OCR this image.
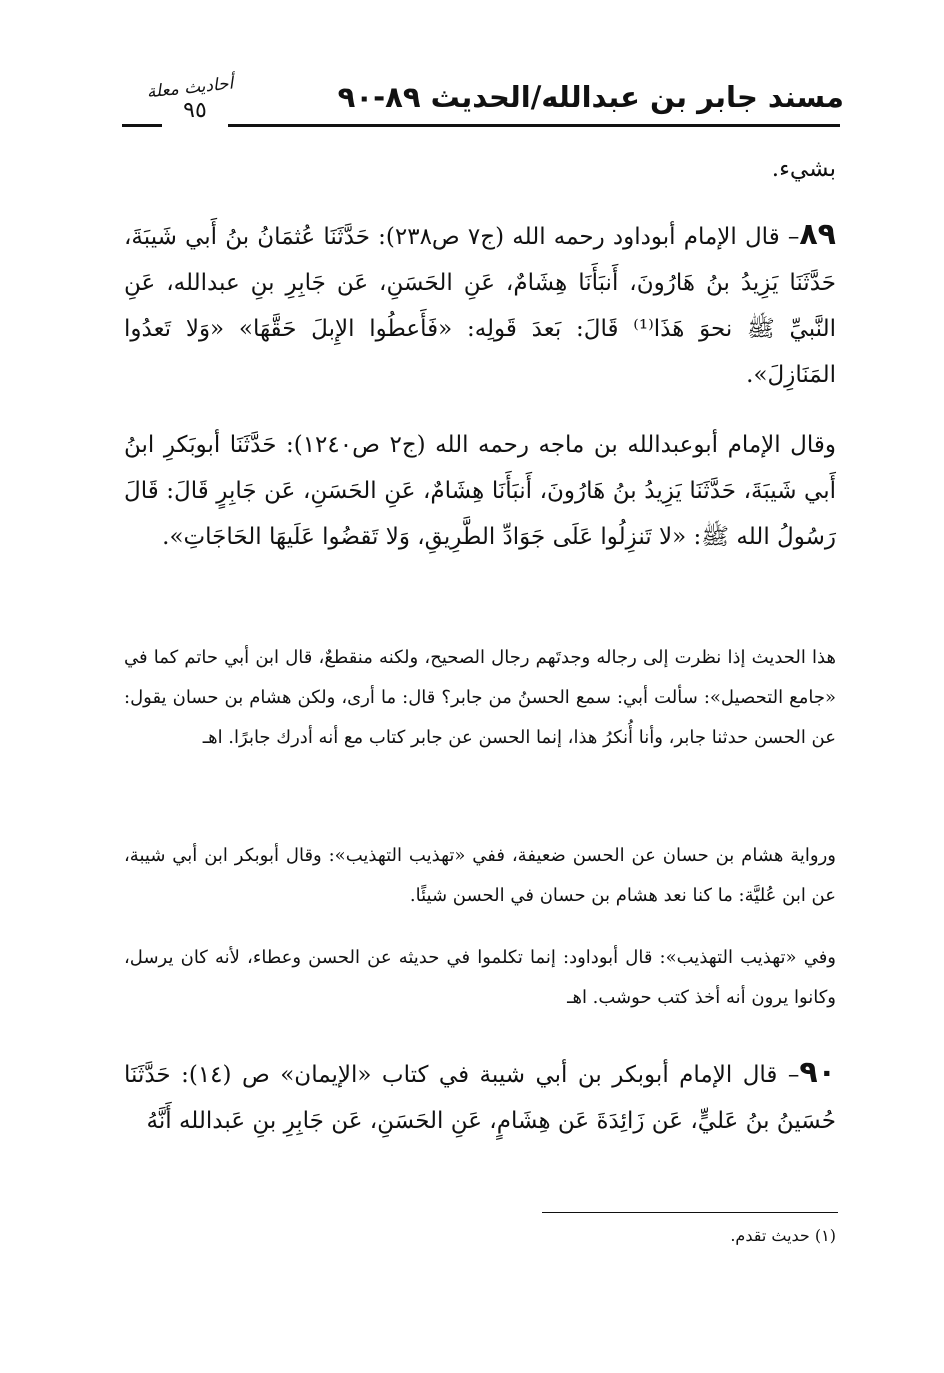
مسند جابر بن عبدالله/الحديث ٨٩-٩٠
أحاديث معلة
٩٥

بشيء.

٨٩– قال الإمام أبوداود رحمه الله (ج٧ ص٢٣٨): حَدَّثَنَا عُثمَانُ بنُ أَبي شَيبَةَ، حَدَّثَنَا يَزِيدُ بنُ هَارُونَ، أَنبَأَنَا هِشَامٌ، عَنِ الحَسَنِ، عَن جَابِرِ بنِ عبدالله، عَنِ النَّبيِّ ﷺ نحوَ هَذَا⁽¹⁾ قَالَ: بَعدَ قَولِه: «فَأَعطُوا الإِبلَ حَقَّهَا» «وَلا تَعدُوا المَنَازِلَ».

وقال الإمام أبوعبدالله بن ماجه رحمه الله (ج٢ ص١٢٤٠): حَدَّثَنَا أبوبَكرِ ابنُ أَبي شَيبَةَ، حَدَّثَنَا يَزِيدُ بنُ هَارُونَ، أَنبَأَنَا هِشَامٌ، عَنِ الحَسَنِ، عَن جَابِرٍ قَالَ: قَالَ رَسُولُ الله ﷺ: «لا تَنزِلُوا عَلَى جَوَادِّ الطَّرِيقِ، وَلا تَقضُوا عَلَيهَا الحَاجَاتِ».

هذا الحديث إذا نظرت إلى رجاله وجدتَهم رجال الصحيح، ولكنه منقطعٌ، قال ابن أبي حاتم كما في «جامع التحصيل»: سألت أبي: سمع الحسنُ من جابر؟ قال: ما أرى، ولكن هشام بن حسان يقول: عن الحسن حدثنا جابر، وأنا أُنكرُ هذا، إنما الحسن عن جابر كتاب مع أنه أدرك جابرًا. اهـ

ورواية هشام بن حسان عن الحسن ضعيفة، ففي «تهذيب التهذيب»: وقال أبوبكر ابن أبي شيبة، عن ابن عُليَّة: ما كنا نعد هشام بن حسان في الحسن شيئًا.

وفي «تهذيب التهذيب»: قال أبوداود: إنما تكلموا في حديثه عن الحسن وعطاء، لأنه كان يرسل، وكانوا يرون أنه أخذ كتب حوشب. اهـ

٩٠– قال الإمام أبوبكر بن أبي شيبة في كتاب «الإيمان» ص (١٤): حَدَّثَنَا حُسَينُ بنُ عَليٍّ، عَن زَائِدَةَ عَن هِشَامٍ، عَنِ الحَسَنِ، عَن جَابِرِ بنِ عَبدالله أَنَّهُ

(١) حديث تقدم.
